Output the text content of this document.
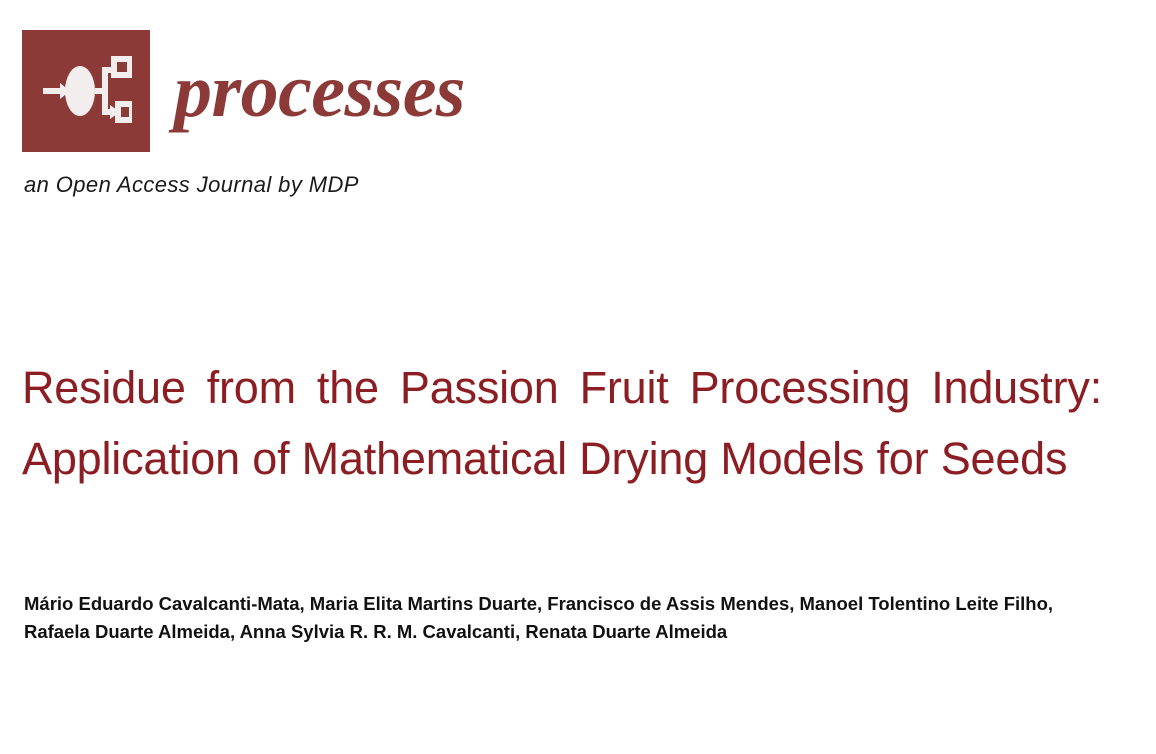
processes
an Open Access Journal by MDP
Residue from the Passion Fruit Processing Industry: Application of Mathematical Drying Models for Seeds
Mário Eduardo Cavalcanti-Mata, Maria Elita Martins Duarte, Francisco de Assis Mendes, Manoel Tolentino Leite Filho, Rafaela Duarte Almeida, Anna Sylvia R. R. M. Cavalcanti, Renata Duarte Almeida
